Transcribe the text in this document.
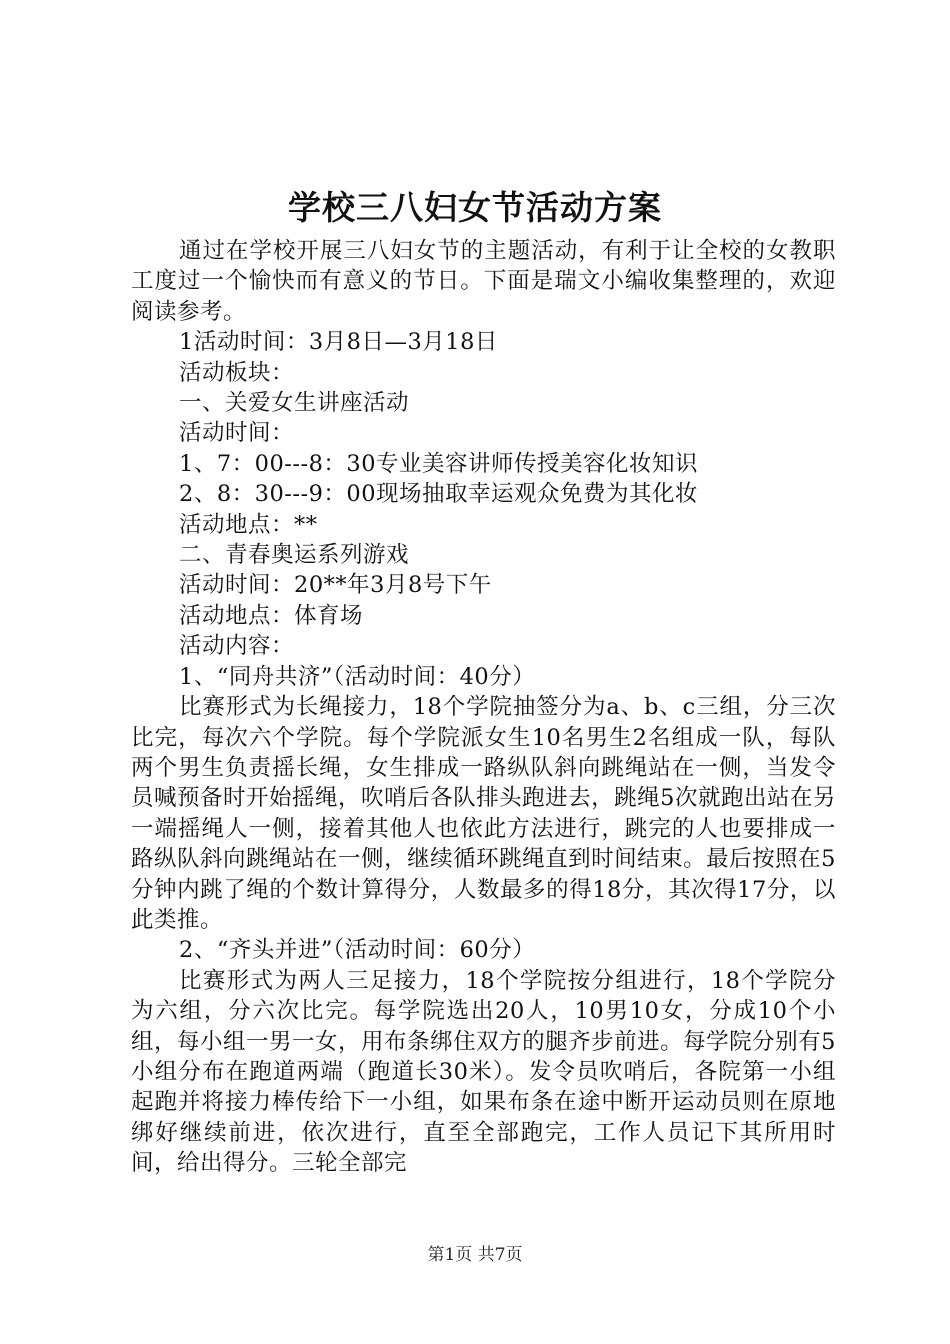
学校三八妇女节活动方案

通过在学校开展三八妇女节的主题活动，有利于让全校的女教职工度过一个愉快而有意义的节日。下面是瑞文小编收集整理的，欢迎阅读参考。

1活动时间：3月8日—3月18日

活动板块：

一、关爱女生讲座活动

活动时间：

1、7：00---8：30专业美容讲师传授美容化妆知识

2、8：30---9：00现场抽取幸运观众免费为其化妆

活动地点：**

二、青春奥运系列游戏

活动时间：20**年3月8号下午

活动地点：体育场

活动内容：

1、“同舟共济”（活动时间：40分）

比赛形式为长绳接力，18个学院抽签分为a、b、c三组，分三次比完，每次六个学院。每个学院派女生10名男生2名组成一队，每队两个男生负责摇长绳，女生排成一路纵队斜向跳绳站在一侧，当发令员喊预备时开始摇绳，吹哨后各队排头跑进去，跳绳5次就跑出站在另一端摇绳人一侧，接着其他人也依此方法进行，跳完的人也要排成一路纵队斜向跳绳站在一侧，继续循环跳绳直到时间结束。最后按照在5分钟内跳了绳的个数计算得分，人数最多的得18分，其次得17分，以此类推。

2、“齐头并进”（活动时间：60分）

比赛形式为两人三足接力，18个学院按分组进行，18个学院分为六组，分六次比完。每学院选出20人，10男10女，分成10个小组，每小组一男一女，用布条绑住双方的腿齐步前进。每学院分别有5小组分布在跑道两端（跑道长30米）。发令员吹哨后，各院第一小组起跑并将接力棒传给下一小组，如果布条在途中断开运动员则在原地绑好继续前进，依次进行，直至全部跑完，工作人员记下其所用时间，给出得分。三轮全部完

第1页 共7页
